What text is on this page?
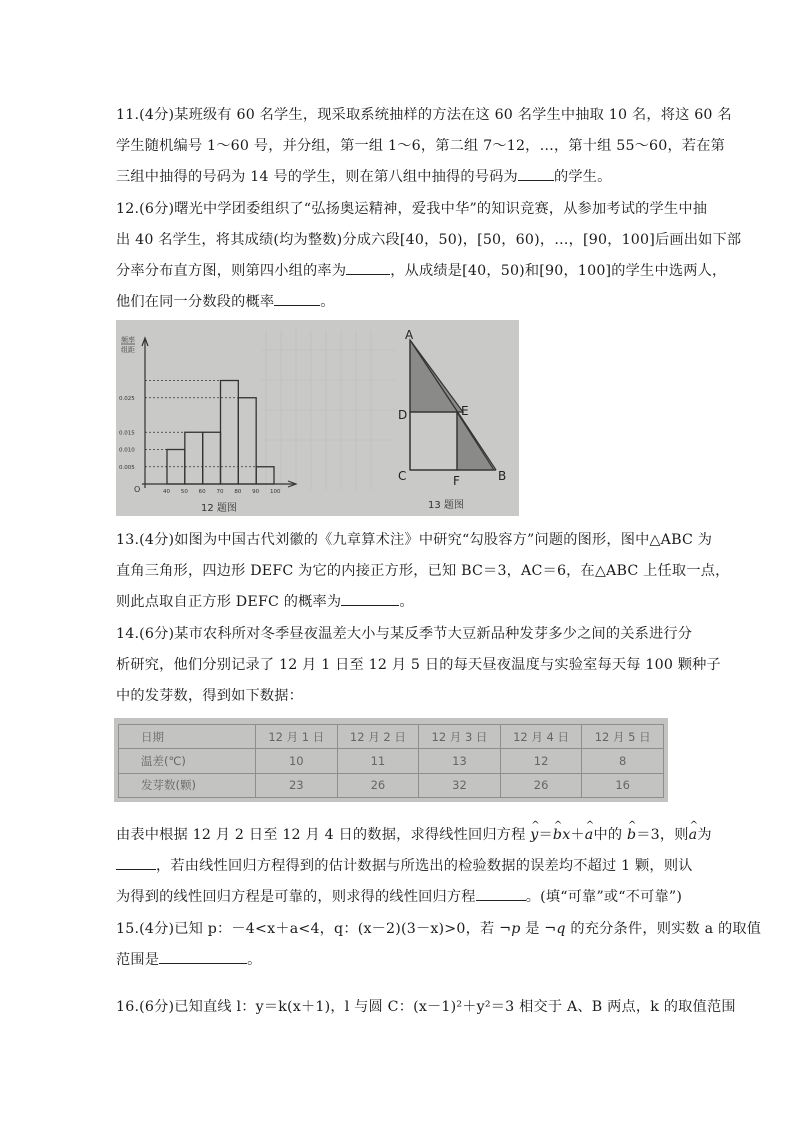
11.(4分)某班级有 60 名学生，现采取系统抽样的方法在这 60 名学生中抽取 10 名，将这 60 名
学生随机编号 1～60 号，并分组，第一组 1～6，第二组 7～12，…，第十组 55～60，若在第
三组中抽得的号码为 14 号的学生，则在第八组中抽得的号码为	的学生。
12.(6分)曙光中学团委组织了“弘扬奥运精神，爱我中华”的知识竞赛，从参加考试的学生中抽
出 40 名学生，将其成绩(均为整数)分成六段[40，50)，[50，60)，…，[90，100]后画出如下部
分率分布直方图，则第四小组的率为	，从成绩是[40，50)和[90，100]的学生中选两人，
他们在同一分数段的概率	。
频率
组距
O
0.005
0.010
0.015
0.025
40 50 60 70 80 90 100
12 题图
A
D	E
C	F	B
13 题图
13.(4分)如图为中国古代刘徽的《九章算术注》中研究“勾股容方”问题的图形，图中△ABC 为
直角三角形，四边形 DEFC 为它的内接正方形，已知 BC＝3，AC＝6，在△ABC 上任取一点，
则此点取自正方形 DEFC 的概率为	。
14.(6分)某市农科所对冬季昼夜温差大小与某反季节大豆新品种发芽多少之间的关系进行分
析研究，他们分别记录了 12 月 1 日至 12 月 5 日的每天昼夜温度与实验室每天每 100 颗种子
中的发芽数，得到如下数据：
日期	12 月 1 日	12 月 2 日	12 月 3 日	12 月 4 日	12 月 5 日
温差(℃)	10	11	13	12	8
发芽数(颗)	23	26	32	26	16
由表中根据 12 月 2 日至 12 月 4 日的数据，求得线性回归方程 ^ y＝^ bx＋^ a中的 ^ b＝3，则^ a为
，若由线性回归方程得到的估计数据与所选出的检验数据的误差均不超过 1 颗，则认
为得到的线性回归方程是可靠的，则求得的线性回归方程	。(填“可靠”或“不可靠”)
15.(4分)已知 p：－4<x＋a<4，q：(x－2)(3－x)>0，若 ¬p 是 ¬q 的充分条件，则实数 a 的取值
范围是	。
16.(6分)已知直线 l：y＝k(x＋1)，l 与圆 C：(x－1)²＋y²＝3 相交于 A、B 两点，k 的取值范围
